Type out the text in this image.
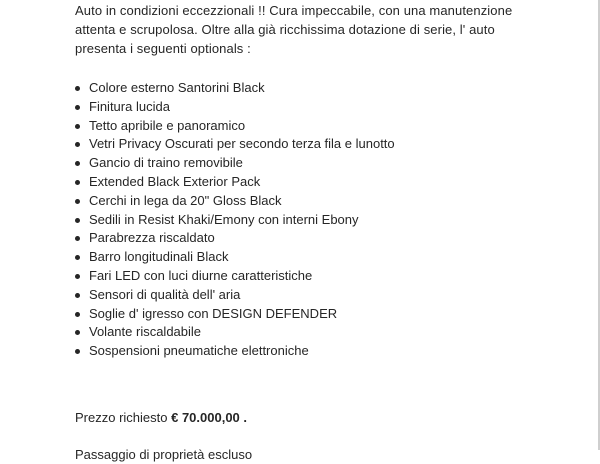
Auto in condizioni eccezzionali !! Cura impeccabile, con una manutenzione
attenta e scrupolosa. Oltre alla già ricchissima dotazione di serie, l' auto
presenta i seguenti optionals :

Colore esterno Santorini Black
Finitura lucida
Tetto apribile e panoramico
Vetri Privacy Oscurati per secondo terza fila e lunotto
Gancio di traino removibile
Extended Black Exterior Pack
Cerchi in lega da 20" Gloss Black
Sedili in Resist Khaki/Emony con interni Ebony
Parabrezza riscaldato
Barro longitudinali Black
Fari LED con luci diurne caratteristiche
Sensori di qualità dell' aria
Soglie d' igresso con DESIGN DEFENDER
Volante riscaldabile
Sospensioni pneumatiche elettroniche

Prezzo richiesto € 70.000,00 .

Passaggio di proprietà escluso
